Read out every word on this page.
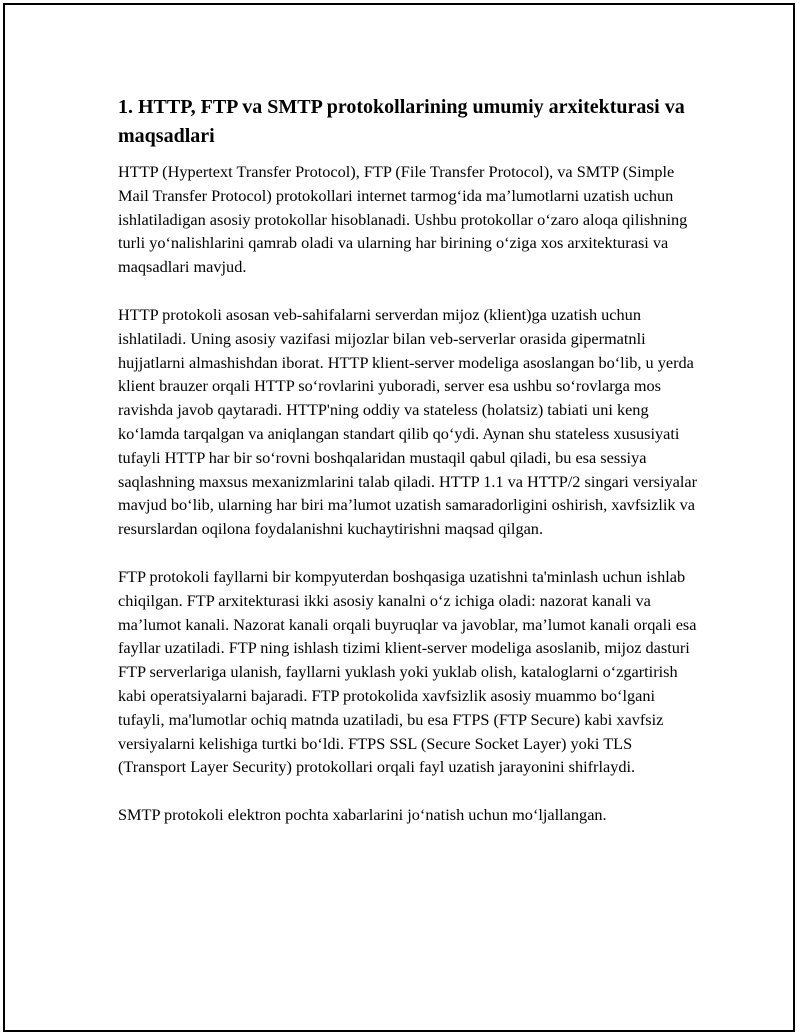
1. HTTP, FTP va SMTP protokollarining umumiy arxitekturasi va maqsadlari

HTTP (Hypertext Transfer Protocol), FTP (File Transfer Protocol), va SMTP (Simple Mail Transfer Protocol) protokollari internet tarmog‘ida ma’lumotlarni uzatish uchun ishlatiladigan asosiy protokollar hisoblanadi. Ushbu protokollar o‘zaro aloqa qilishning turli yo‘nalishlarini qamrab oladi va ularning har birining o‘ziga xos arxitekturasi va maqsadlari mavjud.

HTTP protokoli asosan veb-sahifalarni serverdan mijoz (klient)ga uzatish uchun ishlatiladi. Uning asosiy vazifasi mijozlar bilan veb-serverlar orasida gipermatnli hujjatlarni almashishdan iborat. HTTP klient-server modeliga asoslangan bo‘lib, u yerda klient brauzer orqali HTTP so‘rovlarini yuboradi, server esa ushbu so‘rovlarga mos ravishda javob qaytaradi. HTTP'ning oddiy va stateless (holatsiz) tabiati uni keng ko‘lamda tarqalgan va aniqlangan standart qilib qo‘ydi. Aynan shu stateless xususiyati tufayli HTTP har bir so‘rovni boshqalaridan mustaqil qabul qiladi, bu esa sessiya saqlashning maxsus mexanizmlarini talab qiladi. HTTP 1.1 va HTTP/2 singari versiyalar mavjud bo‘lib, ularning har biri ma’lumot uzatish samaradorligini oshirish, xavfsizlik va resurslardan oqilona foydalanishni kuchaytirishni maqsad qilgan.

FTP protokoli fayllarni bir kompyuterdan boshqasiga uzatishni ta'minlash uchun ishlab chiqilgan. FTP arxitekturasi ikki asosiy kanalni o‘z ichiga oladi: nazorat kanali va ma’lumot kanali. Nazorat kanali orqali buyruqlar va javoblar, ma’lumot kanali orqali esa fayllar uzatiladi. FTP ning ishlash tizimi klient-server modeliga asoslanib, mijoz dasturi FTP serverlariga ulanish, fayllarni yuklash yoki yuklab olish, kataloglarni o‘zgartirish kabi operatsiyalarni bajaradi. FTP protokolida xavfsizlik asosiy muammo bo‘lgani tufayli, ma'lumotlar ochiq matnda uzatiladi, bu esa FTPS (FTP Secure) kabi xavfsiz versiyalarni kelishiga turtki bo‘ldi. FTPS SSL (Secure Socket Layer) yoki TLS (Transport Layer Security) protokollari orqali fayl uzatish jarayonini shifrlaydi.

SMTP protokoli elektron pochta xabarlarini jo‘natish uchun mo‘ljallangan.
